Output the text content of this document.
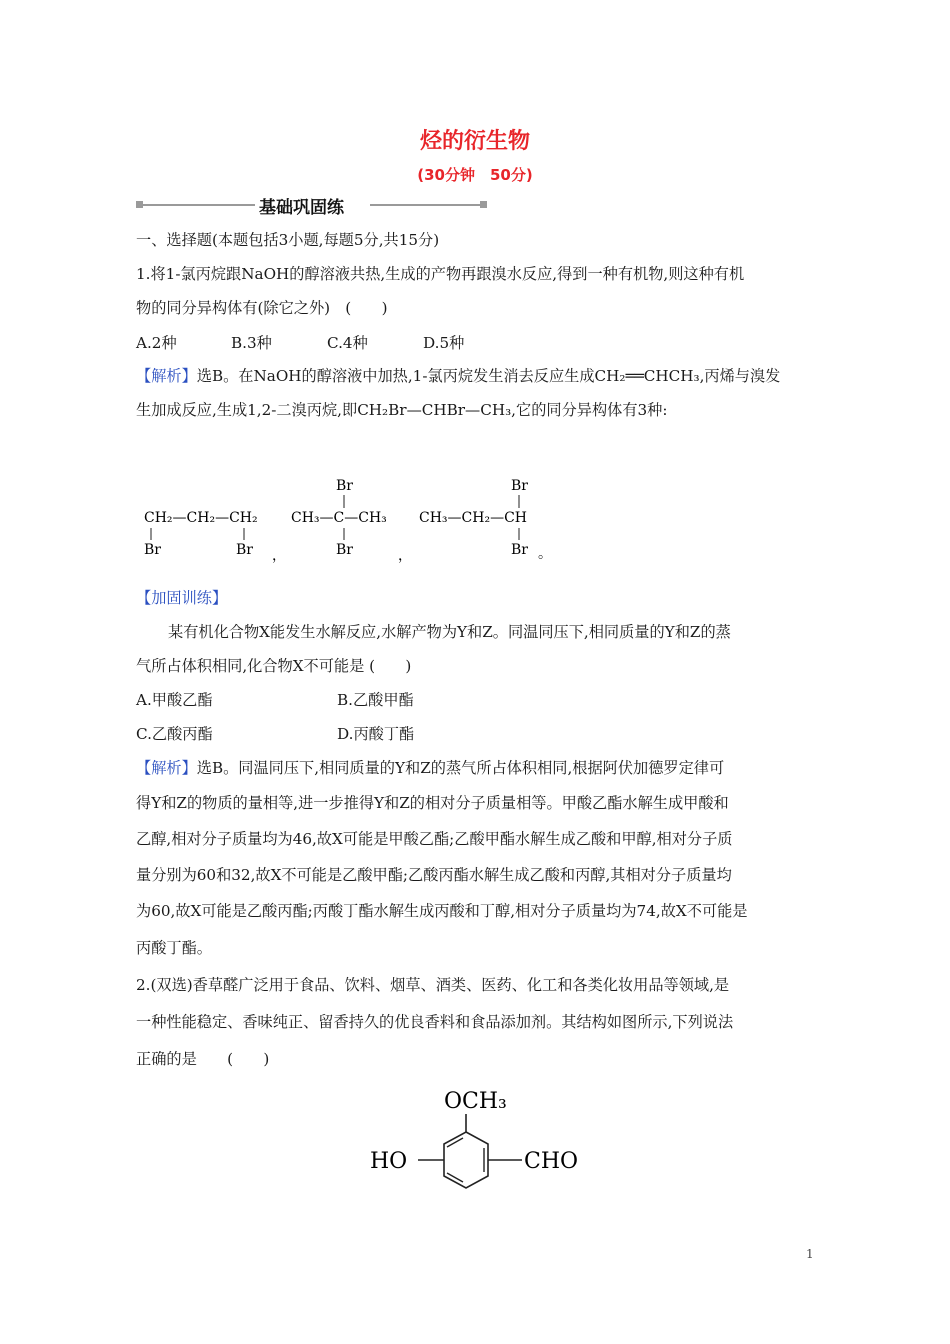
烃的衍生物
(30分钟　50分)
基础巩固练
一、选择题(本题包括3小题,每题5分,共15分)
1.将1-氯丙烷跟NaOH的醇溶液共热,生成的产物再跟溴水反应,得到一种有机物,则这种有机
物的同分异构体有(除它之外)　(　　)
A.2种	B.3种	C.4种	D.5种
【解析】选B。在NaOH的醇溶液中加热,1-氯丙烷发生消去反应生成CH₂══CHCH₃,丙烯与溴发
生加成反应,生成1,2-二溴丙烷,即CH₂Br—CHBr—CH₃,它的同分异构体有3种:
CH₂—CH₂—CH₂
Br	Br ，
Br
CH₃—C—CH₃
Br	，
Br
CH₃—CH₂—CH
Br 。
【加固训练】
某有机化合物X能发生水解反应,水解产物为Y和Z。同温同压下,相同质量的Y和Z的蒸
气所占体积相同,化合物X不可能是 (　　)
A.甲酸乙酯	B.乙酸甲酯
C.乙酸丙酯	D.丙酸丁酯
【解析】选B。同温同压下,相同质量的Y和Z的蒸气所占体积相同,根据阿伏加德罗定律可
得Y和Z的物质的量相等,进一步推得Y和Z的相对分子质量相等。甲酸乙酯水解生成甲酸和
乙醇,相对分子质量均为46,故X可能是甲酸乙酯;乙酸甲酯水解生成乙酸和甲醇,相对分子质
量分别为60和32,故X不可能是乙酸甲酯;乙酸丙酯水解生成乙酸和丙醇,其相对分子质量均
为60,故X可能是乙酸丙酯;丙酸丁酯水解生成丙酸和丁醇,相对分子质量均为74,故X不可能是
丙酸丁酯。
2.(双选)香草醛广泛用于食品、饮料、烟草、酒类、医药、化工和各类化妆用品等领域,是
一种性能稳定、香味纯正、留香持久的优良香料和食品添加剂。其结构如图所示,下列说法
正确的是　　(　　)
OCH₃
HO	CHO
1
